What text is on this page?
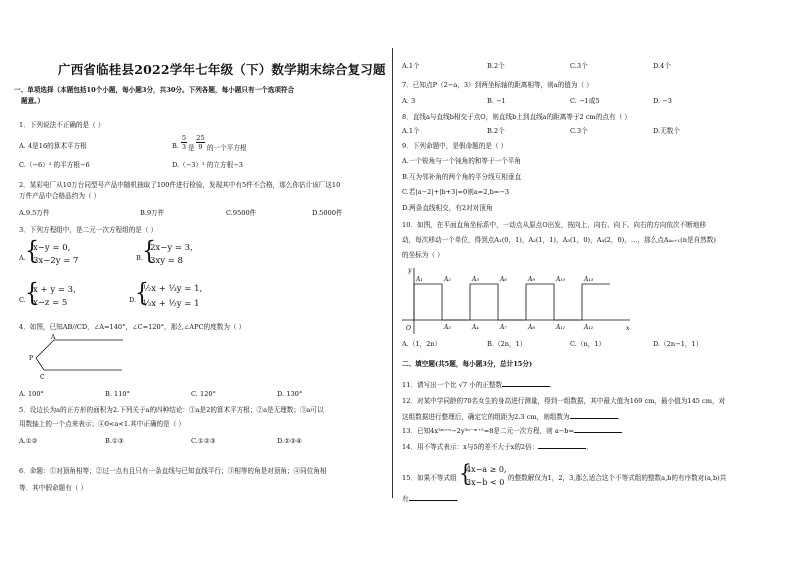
广西省临桂县2022学年七年级（下）数学期末综合复习题
一、单项选择（本题包括10个小题，每小题3分，共30分。下列各题，每小题只有一个选项符合
题意。）
1．下列说法不正确的是（ ）
A. 4是16的算术平方根	B.
5
3 是
25
9 的一个平方根
C.（−6）² 的平方根−6	D.（−3）³ 的立方根−3
2．某彩电厂从10万台同型号产品中随机抽取了100件进行检验，发现其中有5件不合格，那么你估计该厂这10
万件产品中合格品约为（ ）
A.9.5万件	B.9万件	C.9500件	D.5000件
3．下列方程组中，是二元一次方程组的是（ ）
A. {
x−y = 0,
3x−2y = 7	B. {
2x−y = 3,
3xy = 8
C. {
x + y = 3,
x−z = 5	D.
{
½x + ⅓y = 1,
⅓x + ½y = 1
4．如图，已知AB//CD，∠A=140°，∠C=120°，那么∠APC的度数为（ ）
A
P
C
A. 100°	B. 110°	C. 120°	D. 130°
5．设边长为a的正方形的面积为2.下列关于a的四种结论：①a是2的算术平方根；②a是无理数；③a可以
用数轴上的一个点来表示；④0<a<1.其中正确的是（ ）
A.①②	B.①③	C.①②③	D.②③④
6．命题：①对顶角相等；②过一点有且只有一条直线与已知直线平行；③相等的角是对顶角；④同位角相
等．其中假命题有（ ）
A.1个	B.2个	C.3个	D.4个
7．已知点P（2−a，3）到两坐标轴的距离相等，则a的值为（ ）
A. 3	B. −1	C. −1或5	D. −3
8．直线a与直线b相交于点O，则直线b上到直线a的距离等于2 cm的点有（ ）
A.1个	B.2个	C.3个	D.无数个
9．下列命题中，是假命题的是（ ）
A.一个锐角与一个钝角的和等于一个平角
B.互为邻补角的两个角的平分线互相垂直
C.若|a−2|+|b+3|=0则a=2,b=−3
D.两条直线相交，有2对对顶角
10．如图，在平面直角坐标系中，一动点从原点O出发，按向上、向右、向下、向右的方向依次不断地移
动，每次移动一个单位，得到点A₁(0，1)，A₂(1，1)，A₃(1，0)，A₄(2，0)，…，那么点A₄ₙ₊₁(n是自然数)
的坐标为（ ）
x
y
O
A₁	A₂	A₅	A₆	A₉	A₁₀	A₁₃
A₃	A₄	A₇	A₈	A₁₁	A₁₂
A.（1，2n）	B.（2n，1）	C.（n，1）	D.（2n−1，1）
二、填空题(共5题，每小题3分，总计15分)
11．请写出一个比 √7 小的正整数	．
12．对某中学同龄的70名女生的身高进行测量，得到一组数据，其中最大值为169 cm，最小值为145 cm，对
这组数据进行整理后，确定它的组距为2.3 cm，则组数为	．
13．已知4x³ᵐ⁺ⁿ−2y³ⁿ⁻ᵐ⁺⁵=8是二元一次方程，则 a−b=
14．用不等式表示：x与5的差不大于x的2倍：	．
15．如果不等式组 {
4x−a ≥ 0,
3x−b < 0 的整数解仅为1，2，3,那么适合这个不等式组的整数a,b的有序数对(a,b)共
有	．
